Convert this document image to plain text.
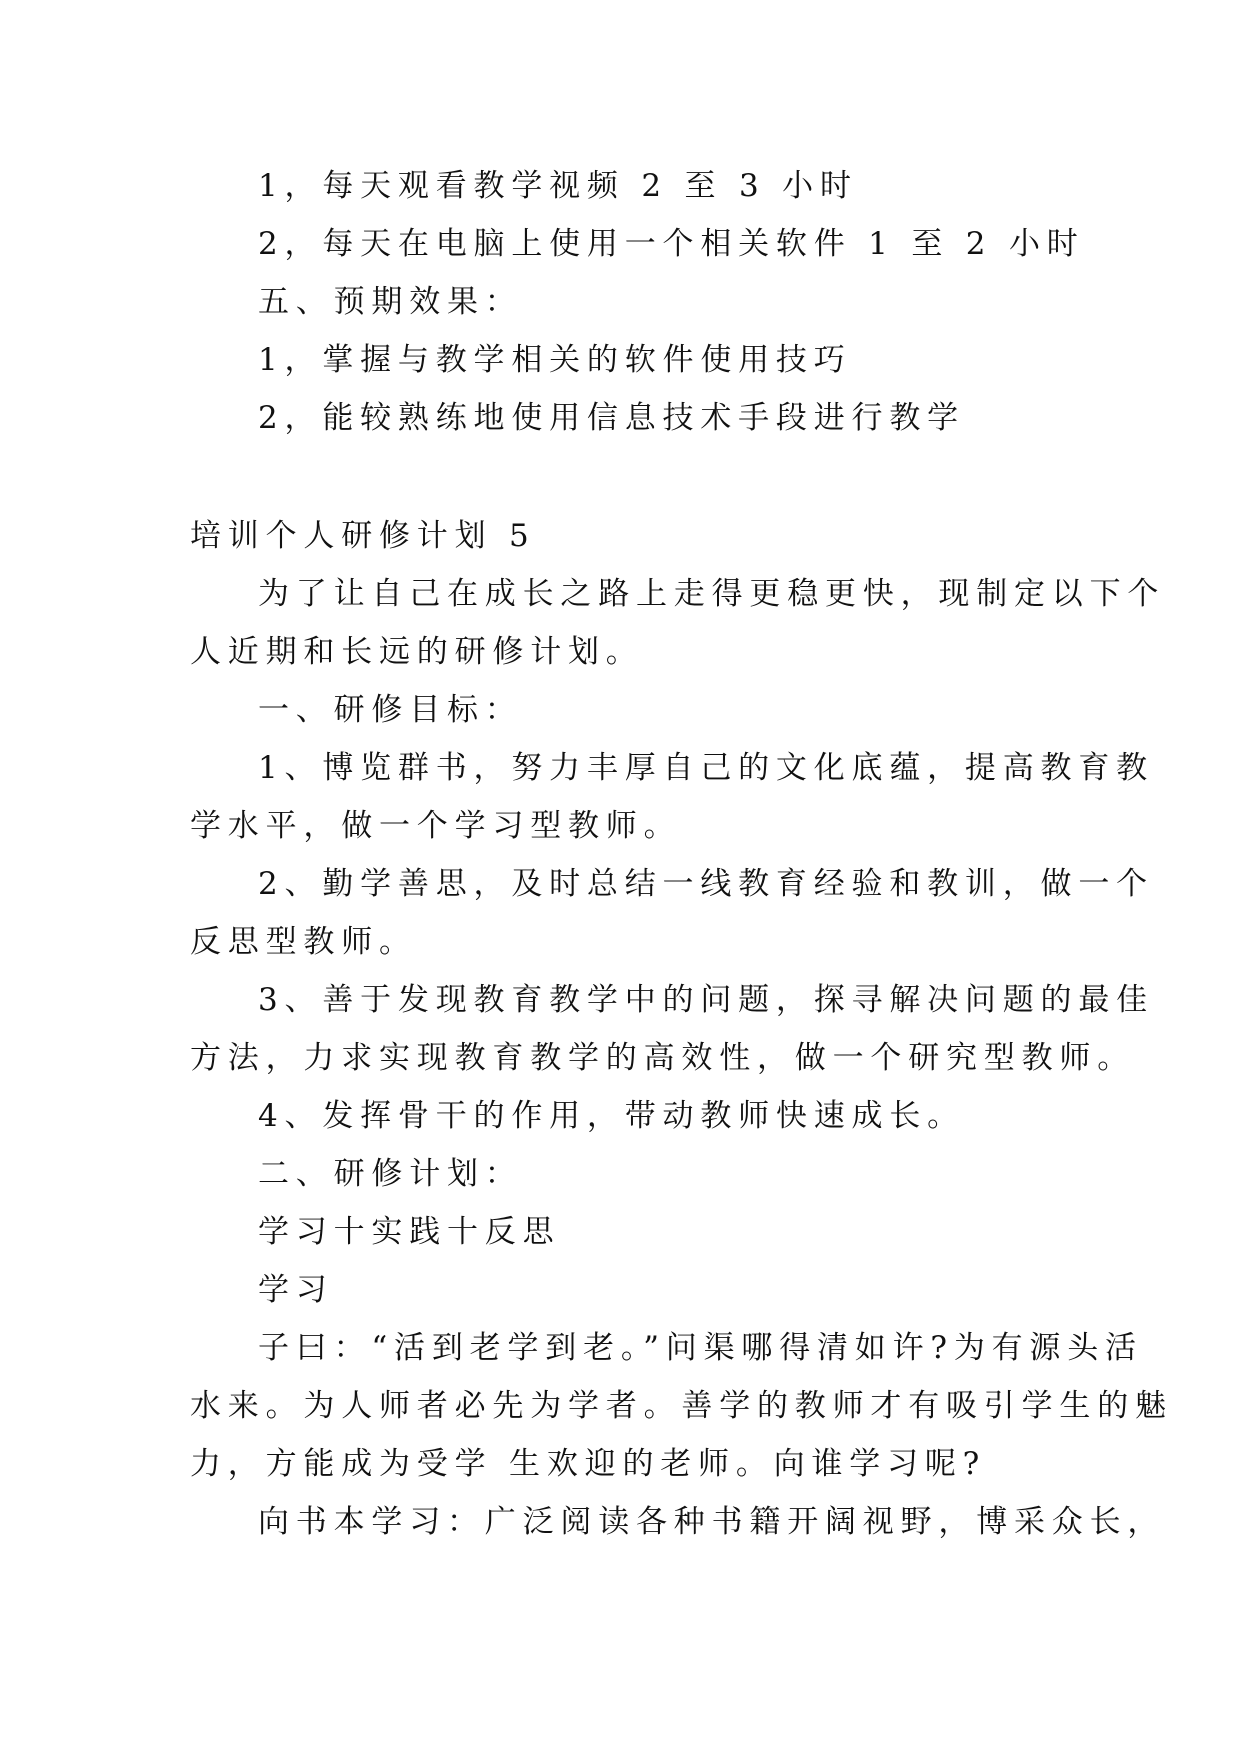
1，每天观看教学视频 2 至 3 小时
2，每天在电脑上使用一个相关软件 1 至 2 小时
五、预期效果：
1，掌握与教学相关的软件使用技巧
2，能较熟练地使用信息技术手段进行教学
培训个人研修计划 5
为了让自己在成长之路上走得更稳更快，现制定以下个
人近期和长远的研修计划。
一、研修目标：
1、博览群书，努力丰厚自己的文化底蕴，提高教育教
学水平，做一个学习型教师。
2、勤学善思，及时总结一线教育经验和教训，做一个
反思型教师。
3、善于发现教育教学中的问题，探寻解决问题的最佳
方法，力求实现教育教学的高效性，做一个研究型教师。
4、发挥骨干的作用，带动教师快速成长。
二、研修计划：
学习十实践十反思
学习
子曰：“活到老学到老。”问渠哪得清如许?为有源头活
水来。为人师者必先为学者。善学的教师才有吸引学生的魅
力，方能成为受学 生欢迎的老师。向谁学习呢?
向书本学习：广泛阅读各种书籍开阔视野，博采众长，
